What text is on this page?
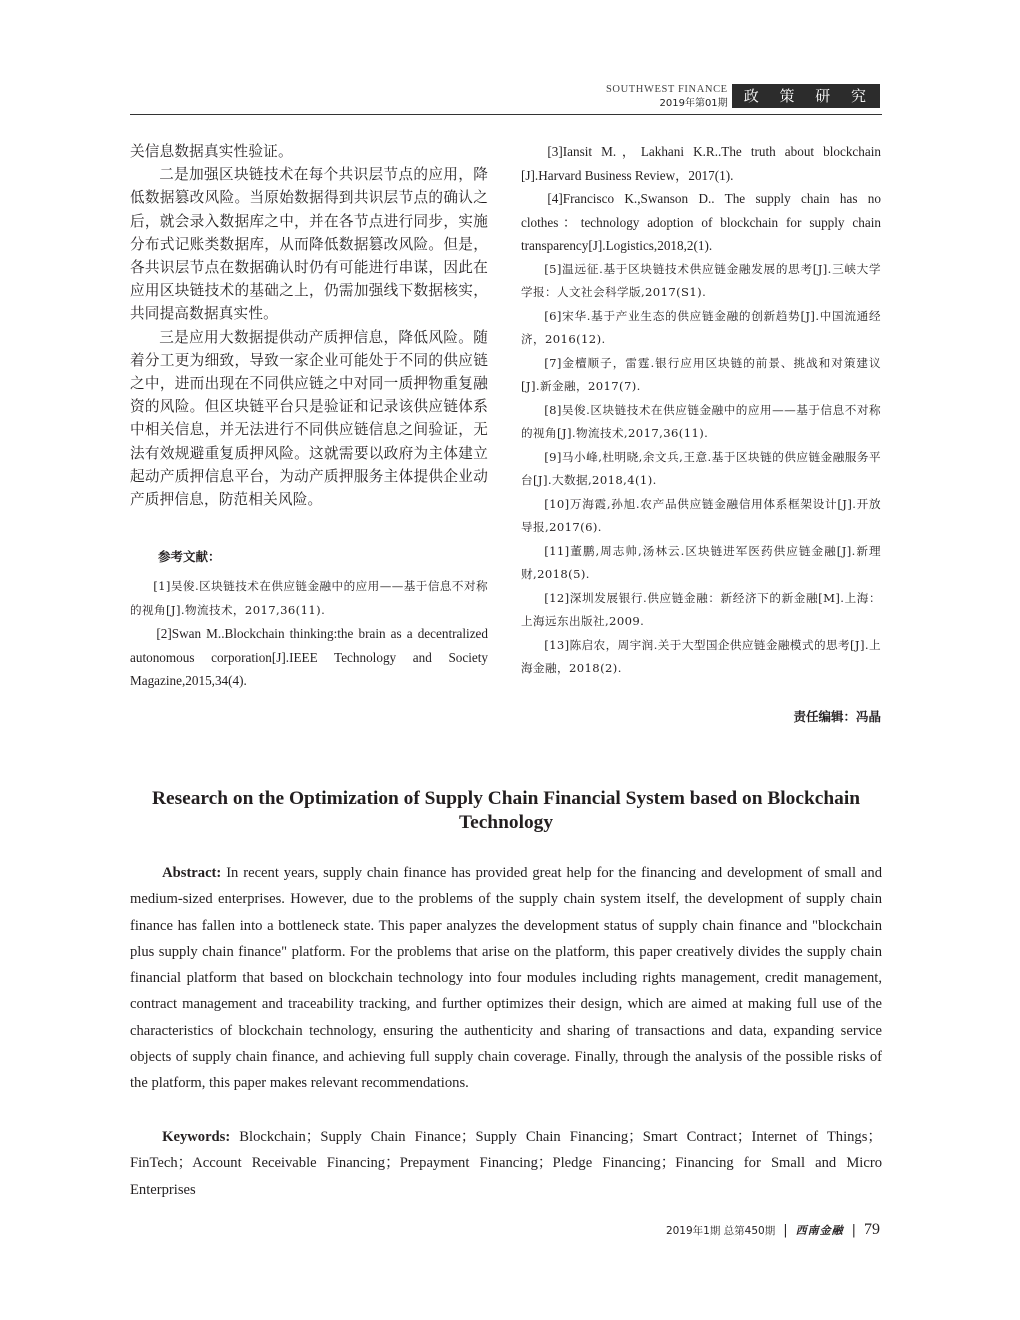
SOUTHWEST FINANCE
2019年第01期	政 策 研 究

关信息数据真实性验证。

二是加强区块链技术在每个共识层节点的应用，降低数据篡改风险。当原始数据得到共识层节点的确认之后，就会录入数据库之中，并在各节点进行同步，实施分布式记账类数据库，从而降低数据篡改风险。但是，各共识层节点在数据确认时仍有可能进行串谋，因此在应用区块链技术的基础之上，仍需加强线下数据核实，共同提高数据真实性。

三是应用大数据提供动产质押信息，降低风险。随着分工更为细致，导致一家企业可能处于不同的供应链之中，进而出现在不同供应链之中对同一质押物重复融资的风险。但区块链平台只是验证和记录该供应链体系中相关信息，并无法进行不同供应链信息之间验证，无法有效规避重复质押风险。这就需要以政府为主体建立起动产质押信息平台，为动产质押服务主体提供企业动产质押信息，防范相关风险。

参考文献：

[1]吴俊.区块链技术在供应链金融中的应用——基于信息不对称的视角[J].物流技术，2017,36(11).

[2]Swan M..Blockchain thinking:the brain as a decentralized autonomous corporation[J].IEEE Technology and Society Magazine,2015,34(4).

[3]Iansit M.，Lakhani K.R..The truth about blockchain [J].Harvard Business Review，2017(1).

[4]Francisco K.,Swanson D.. The supply chain has no clothes：technology adoption of blockchain for supply chain transparency[J].Logistics,2018,2(1).

[5]温远征.基于区块链技术供应链金融发展的思考[J].三峡大学学报：人文社会科学版,2017(S1).

[6]宋华.基于产业生态的供应链金融的创新趋势[J].中国流通经济，2016(12).

[7]金檀顺子，雷霆.银行应用区块链的前景、挑战和对策建议[J].新金融，2017(7).

[8]吴俊.区块链技术在供应链金融中的应用——基于信息不对称的视角[J].物流技术,2017,36(11).

[9]马小峰,杜明晓,余文兵,王意.基于区块链的供应链金融服务平台[J].大数据,2018,4(1).

[10]万海霞,孙旭.农产品供应链金融信用体系框架设计[J].开放导报,2017(6).

[11]董鹏,周志帅,汤林云.区块链进军医药供应链金融[J].新理财,2018(5).

[12]深圳发展银行.供应链金融：新经济下的新金融[M].上海：上海远东出版社,2009.

[13]陈启农，周宇润.关于大型国企供应链金融模式的思考[J].上海金融，2018(2).

责任编辑：冯晶
Research on the Optimization of Supply Chain Financial System based on Blockchain Technology

Abstract: In recent years, supply chain finance has provided great help for the financing and development of small and medium-sized enterprises. However, due to the problems of the supply chain system itself, the development of supply chain finance has fallen into a bottleneck state. This paper analyzes the development status of supply chain finance and "blockchain plus supply chain finance" platform. For the problems that arise on the platform, this paper creatively divides the supply chain financial platform that based on blockchain technology into four modules including rights management, credit management, contract management and traceability tracking, and further optimizes their design, which are aimed at making full use of the characteristics of blockchain technology, ensuring the authenticity and sharing of transactions and data, expanding service objects of supply chain finance, and achieving full supply chain coverage. Finally, through the analysis of the possible risks of the platform, this paper makes relevant recommendations.

Keywords: Blockchain；Supply Chain Finance；Supply Chain Financing；Smart Contract；Internet of Things；FinTech；Account Receivable Financing；Prepayment Financing；Pledge Financing；Financing for Small and Micro Enterprises

2019年1期 总第450期 | 西南金融 | 79
